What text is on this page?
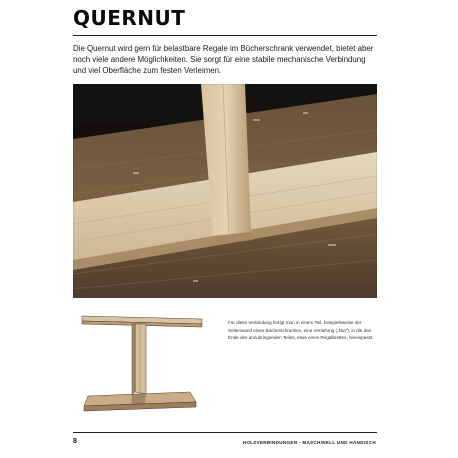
QUERNUT

Die Quernut wird gern für belastbare Regale im Bücherschrank verwendet, bietet aber noch viele andere Möglichkeiten. Sie sorgt für eine stabile mechanische Verbindung und viel Oberfläche zum festen Verleimen.

Für diese Verbindung fertigt man in einem Teil, beispielsweise der Seitenwand eines Bücherschrankes, eine Vertiefung („Nut“), in die das Ende des anzubringenden Teiles, etwa eines Regalbrettes, hineinpasst.

8	HOLZVERBINDUNGEN - MASCHINELL UND HÄNDISCH
